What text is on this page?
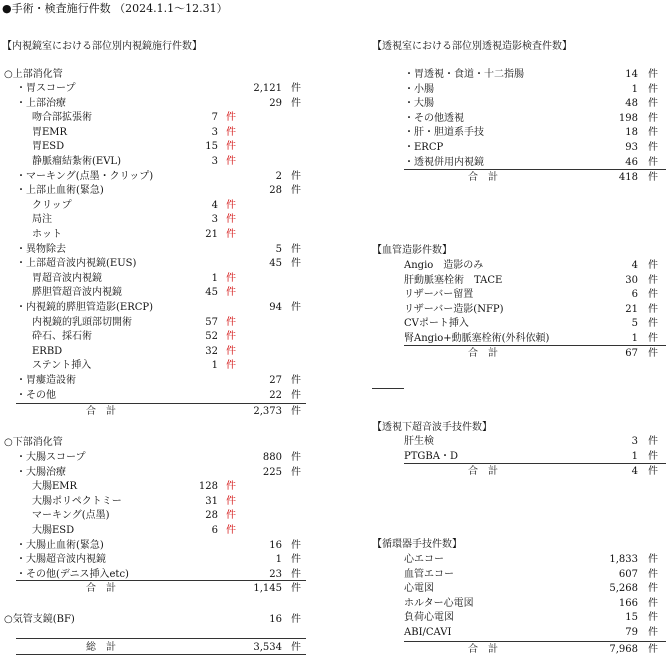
●手術・検査施行件数 （2024.1.1～12.31）
【内視鏡室における部位別内視鏡施行件数】
○上部消化管
・胃スコープ	2,121 件
・上部治療	29 件
吻合部拡張術	7 件
胃EMR	3 件
胃ESD	15 件
静脈瘤結紮術(EVL)	3 件
・マーキング(点墨・クリップ)	2 件
・上部止血術(緊急)	28 件
クリップ	4 件
局注	3 件
ホット	21 件
・異物除去	5 件
・上部超音波内視鏡(EUS)	45 件
胃超音波内視鏡	1 件
膵胆管超音波内視鏡	45 件
・内視鏡的膵胆管造影(ERCP)	94 件
内視鏡的乳頭部切開術	57 件
砕石、採石術	52 件
ERBD	32 件
ステント挿入	1 件
・胃瘻造設術	27 件
・その他	22 件
合　計	2,373 件
○下部消化管
・大腸スコープ	880 件
・大腸治療	225 件
大腸EMR	128 件
大腸ポリペクトミー	31 件
マーキング(点墨)	28 件
大腸ESD	6 件
・大腸止血術(緊急)	16 件
・大腸超音波内視鏡	1 件
・その他(デニス挿入etc)	23 件
合　計	1,145 件
○気管支鏡(BF)	16 件
総　計	3,534 件
【透視室における部位別透視造影検査件数】
・胃透視・食道・十二指腸	14 件
・小腸	1 件
・大腸	48 件
・その他透視	198 件
・肝・胆道系手技	18 件
・ERCP	93 件
・透視併用内視鏡	46 件
合　計	418 件
【血管造影件数】
Angio　造影のみ	4 件
肝動脈塞栓術　TACE	30 件
リザーバー留置	6 件
リザーバー造影(NFP)	21 件
CVポート挿入	5 件
腎Angio+動脈塞栓術(外科依頼)	1 件
合　計	67 件
【透視下超音波手技件数】
肝生検	3 件
PTGBA・D	1 件
合　計	4 件
【循環器手技件数】
心エコー	1,833 件
血管エコー	607 件
心電図	5,268 件
ホルター心電図	166 件
負荷心電図	15 件
ABI/CAVI	79 件
合　計	7,968 件
